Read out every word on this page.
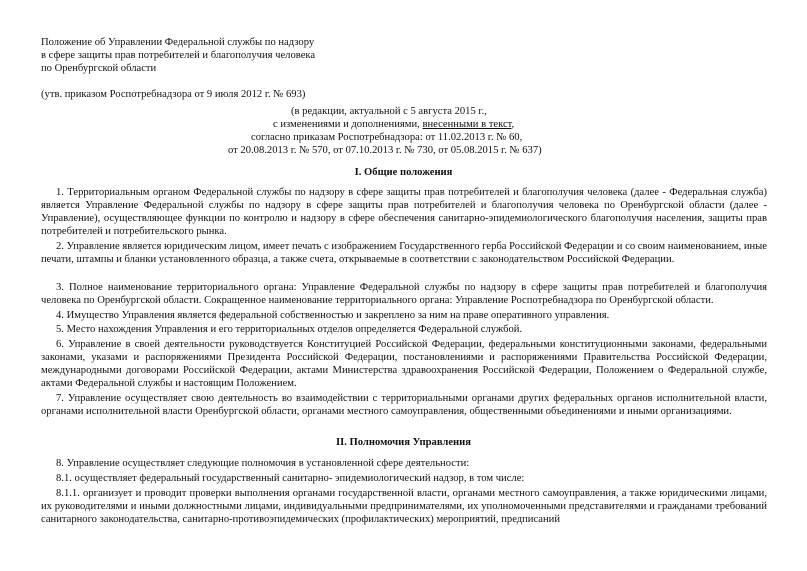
Положение об Управлении Федеральной службы по надзору
в сфере защиты прав потребителей и благополучия человека
по Оренбургской области
(утв. приказом Роспотребнадзора от 9 июля 2012 г. № 693)
(в редакции, актуальной с 5 августа 2015 г.,
с изменениями и дополнениями, внесенными в текст,
согласно приказам Роспотребнадзора: от 11.02.2013 г. № 60,
от 20.08.2013 г. № 570, от 07.10.2013 г. № 730, от 05.08.2015 г. № 637)
I. Общие положения
1. Территориальным органом Федеральной службы по надзору в сфере защиты прав потребителей и благополучия человека (далее - Федеральная служба) является Управление Федеральной службы по надзору в сфере защиты прав потребителей и благополучия человека по Оренбургской области (далее - Управление), осуществляющее функции по контролю и надзору в сфере обеспечения санитарно-эпидемиологического благополучия населения, защиты прав потребителей и потребительского рынка.
2. Управление является юридическим лицом, имеет печать с изображением Государственного герба Российской Федерации и со своим наименованием, иные печати, штампы и бланки установленного образца, а также счета, открываемые в соответствии с законодательством Российской Федерации.
3. Полное наименование территориального органа: Управление Федеральной службы по надзору в сфере защиты прав потребителей и благополучия человека по Оренбургской области. Сокращенное наименование территориального органа: Управление Роспотребнадзора по Оренбургской области.
4. Имущество Управления является федеральной собственностью и закреплено за ним на праве оперативного управления.
5. Место нахождения Управления и его территориальных отделов определяется Федеральной службой.
6. Управление в своей деятельности руководствуется Конституцией Российской Федерации, федеральными конституционными законами, федеральными законами, указами и распоряжениями Президента Российской Федерации, постановлениями и распоряжениями Правительства Российской Федерации, международными договорами Российской Федерации, актами Министерства здравоохранения Российской Федерации, Положением о Федеральной службе, актами Федеральной службы и настоящим Положением.
7. Управление осуществляет свою деятельность во взаимодействии с территориальными органами других федеральных органов исполнительной власти, органами исполнительной власти Оренбургской области, органами местного самоуправления, общественными объединениями и иными организациями.
II. Полномочия Управления
8. Управление осуществляет следующие полномочия в установленной сфере деятельности:
8.1. осуществляет федеральный государственный санитарно- эпидемиологический надзор, в том числе:
8.1.1. организует и проводит проверки выполнения органами государственной власти, органами местного самоуправления, а также юридическими лицами, их руководителями и иными должностными лицами, индивидуальными предпринимателями, их уполномоченными представителями и гражданами требований санитарного законодательства, санитарно-противоэпидемических (профилактических) мероприятий, предписаний
